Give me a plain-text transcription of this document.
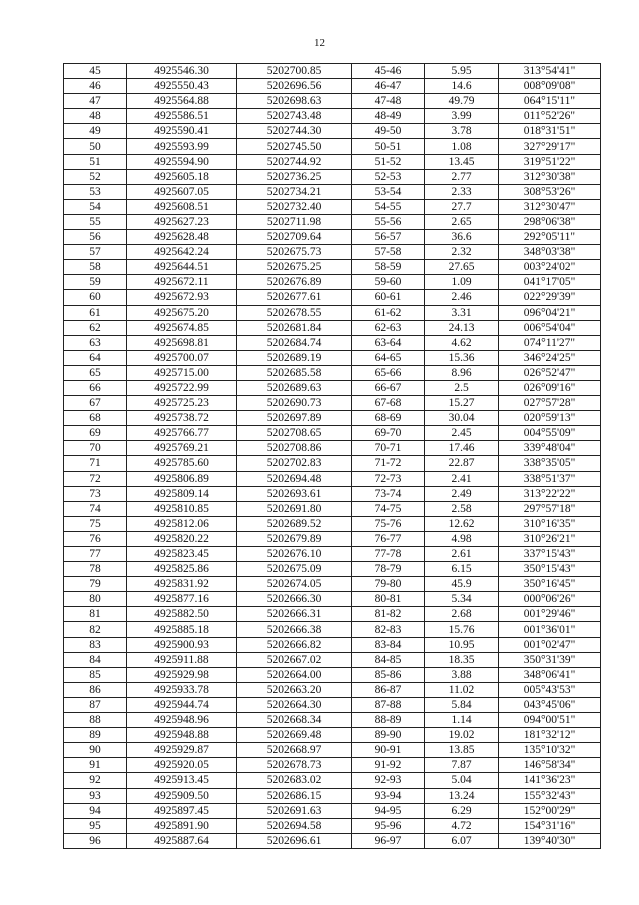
12
45	4925546.30	5202700.85	45-46	5.95	313°54'41"
46	4925550.43	5202696.56	46-47	14.6	008°09'08"
47	4925564.88	5202698.63	47-48	49.79	064°15'11"
48	4925586.51	5202743.48	48-49	3.99	011°52'26"
49	4925590.41	5202744.30	49-50	3.78	018°31'51"
50	4925593.99	5202745.50	50-51	1.08	327°29'17"
51	4925594.90	5202744.92	51-52	13.45	319°51'22"
52	4925605.18	5202736.25	52-53	2.77	312°30'38"
53	4925607.05	5202734.21	53-54	2.33	308°53'26"
54	4925608.51	5202732.40	54-55	27.7	312°30'47"
55	4925627.23	5202711.98	55-56	2.65	298°06'38"
56	4925628.48	5202709.64	56-57	36.6	292°05'11"
57	4925642.24	5202675.73	57-58	2.32	348°03'38"
58	4925644.51	5202675.25	58-59	27.65	003°24'02"
59	4925672.11	5202676.89	59-60	1.09	041°17'05"
60	4925672.93	5202677.61	60-61	2.46	022°29'39"
61	4925675.20	5202678.55	61-62	3.31	096°04'21"
62	4925674.85	5202681.84	62-63	24.13	006°54'04"
63	4925698.81	5202684.74	63-64	4.62	074°11'27"
64	4925700.07	5202689.19	64-65	15.36	346°24'25"
65	4925715.00	5202685.58	65-66	8.96	026°52'47"
66	4925722.99	5202689.63	66-67	2.5	026°09'16"
67	4925725.23	5202690.73	67-68	15.27	027°57'28"
68	4925738.72	5202697.89	68-69	30.04	020°59'13"
69	4925766.77	5202708.65	69-70	2.45	004°55'09"
70	4925769.21	5202708.86	70-71	17.46	339°48'04"
71	4925785.60	5202702.83	71-72	22.87	338°35'05"
72	4925806.89	5202694.48	72-73	2.41	338°51'37"
73	4925809.14	5202693.61	73-74	2.49	313°22'22"
74	4925810.85	5202691.80	74-75	2.58	297°57'18"
75	4925812.06	5202689.52	75-76	12.62	310°16'35"
76	4925820.22	5202679.89	76-77	4.98	310°26'21"
77	4925823.45	5202676.10	77-78	2.61	337°15'43"
78	4925825.86	5202675.09	78-79	6.15	350°15'43"
79	4925831.92	5202674.05	79-80	45.9	350°16'45"
80	4925877.16	5202666.30	80-81	5.34	000°06'26"
81	4925882.50	5202666.31	81-82	2.68	001°29'46"
82	4925885.18	5202666.38	82-83	15.76	001°36'01"
83	4925900.93	5202666.82	83-84	10.95	001°02'47"
84	4925911.88	5202667.02	84-85	18.35	350°31'39"
85	4925929.98	5202664.00	85-86	3.88	348°06'41"
86	4925933.78	5202663.20	86-87	11.02	005°43'53"
87	4925944.74	5202664.30	87-88	5.84	043°45'06"
88	4925948.96	5202668.34	88-89	1.14	094°00'51"
89	4925948.88	5202669.48	89-90	19.02	181°32'12"
90	4925929.87	5202668.97	90-91	13.85	135°10'32"
91	4925920.05	5202678.73	91-92	7.87	146°58'34"
92	4925913.45	5202683.02	92-93	5.04	141°36'23"
93	4925909.50	5202686.15	93-94	13.24	155°32'43"
94	4925897.45	5202691.63	94-95	6.29	152°00'29"
95	4925891.90	5202694.58	95-96	4.72	154°31'16"
96	4925887.64	5202696.61	96-97	6.07	139°40'30"
